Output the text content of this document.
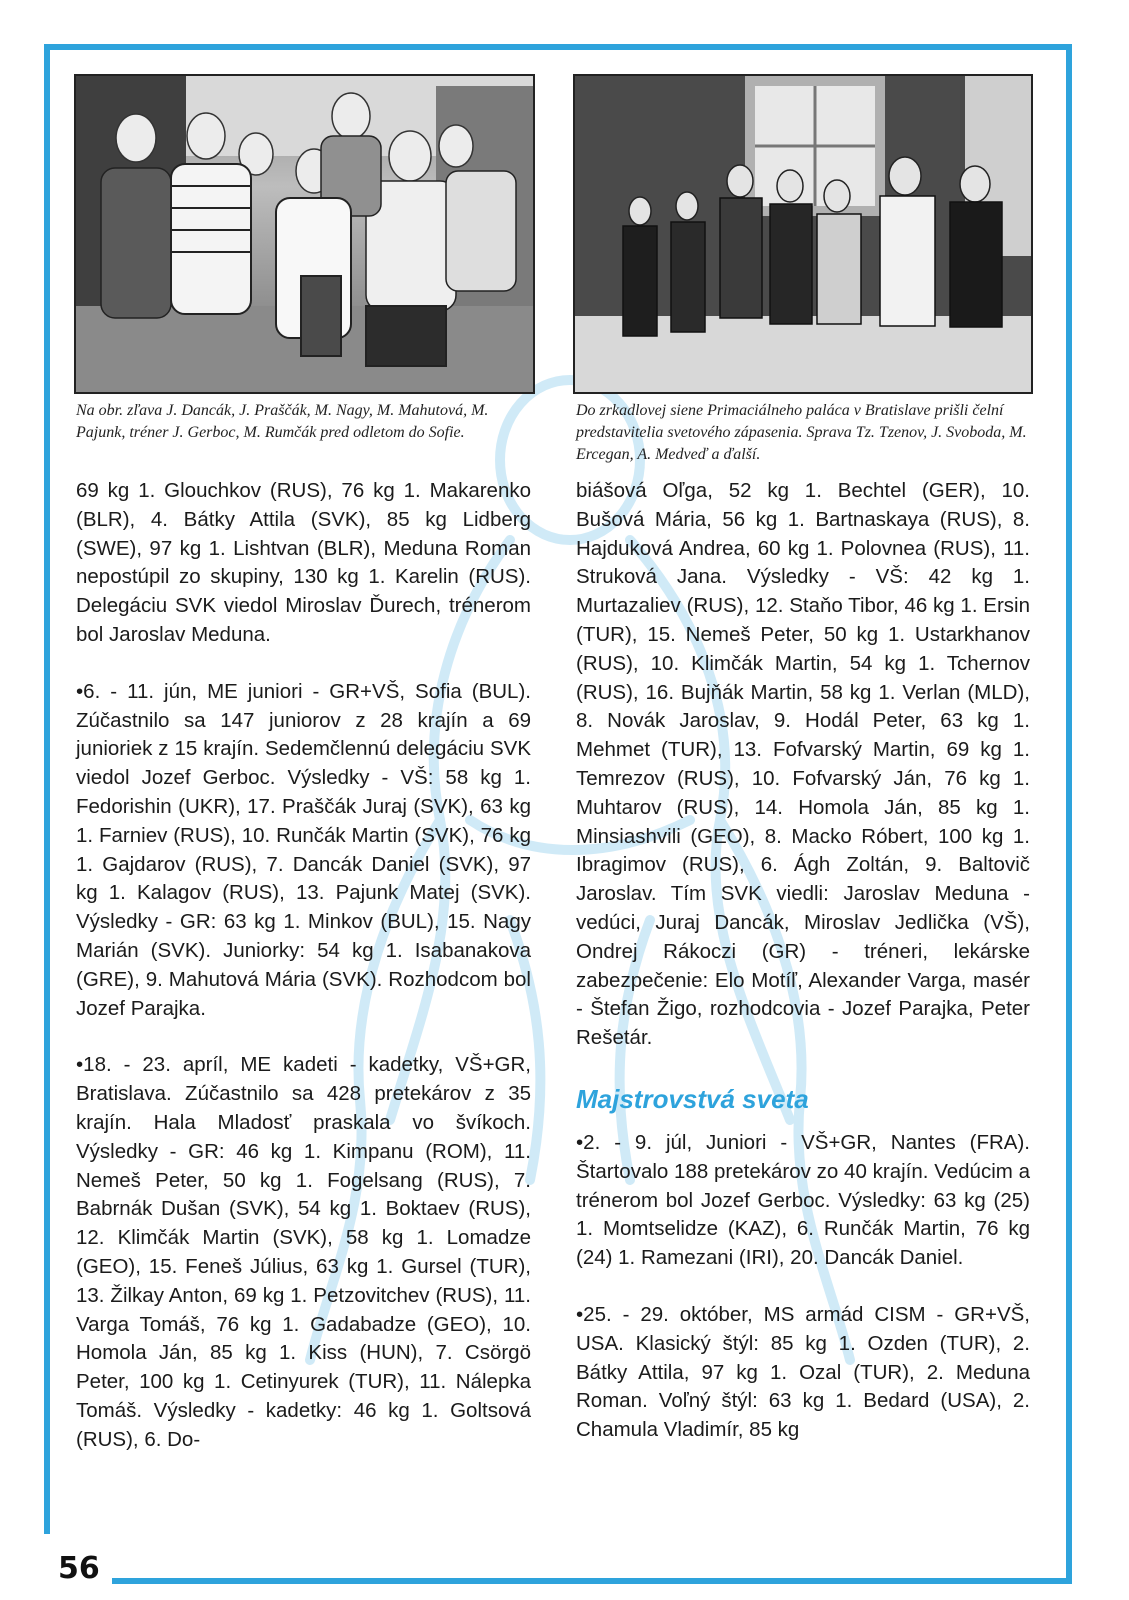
56
Na obr. zľava J. Dancák, J. Praščák, M. Nagy, M. Mahutová, M. Pajunk, tréner J. Gerboc, M. Rumčák pred odletom do Sofie.
Do zrkadlovej siene Primaciálneho paláca v Bratislave prišli čelní predstavitelia svetového zápasenia. Sprava Tz. Tzenov, J. Svoboda, M. Ercegan, A. Medveď a ďalší.

69 kg 1. Glouchkov (RUS), 76 kg 1. Makarenko (BLR), 4. Bátky Attila (SVK), 85 kg Lidberg (SWE), 97 kg 1. Lishtvan (BLR), Meduna Roman nepostúpil zo skupiny, 130 kg 1. Karelin (RUS). Delegáciu SVK viedol Miroslav Ďurech, trénerom bol Jaroslav Meduna.

•6. - 11. jún, ME juniori - GR+VŠ, Sofia (BUL). Zúčastnilo sa 147 juniorov z 28 krajín a 69 junioriek z 15 krajín. Sedemčlennú delegáciu SVK viedol Jozef Gerboc. Výsledky - VŠ: 58 kg 1. Fedorishin (UKR), 17. Praščák Juraj (SVK), 63 kg 1. Farniev (RUS), 10. Runčák Martin (SVK), 76 kg 1. Gajdarov (RUS), 7. Dancák Daniel (SVK), 97 kg 1. Kalagov (RUS), 13. Pajunk Matej (SVK). Výsledky - GR: 63 kg 1. Minkov (BUL), 15. Nagy Marián (SVK). Juniorky: 54 kg 1. Isabanakova (GRE), 9. Mahutová Mária (SVK). Rozhodcom bol Jozef Parajka.

•18. - 23. apríl, ME kadeti - kadetky, VŠ+GR, Bratislava. Zúčastnilo sa 428 pretekárov z 35 krajín. Hala Mladosť praskala vo švíkoch. Výsledky - GR: 46 kg 1. Kimpanu (ROM), 11. Nemeš Peter, 50 kg 1. Fogelsang (RUS), 7. Babrnák Dušan (SVK), 54 kg 1. Boktaev (RUS), 12. Klimčák Martin (SVK), 58 kg 1. Lomadze (GEO), 15. Feneš Július, 63 kg 1. Gursel (TUR), 13. Žilkay Anton, 69 kg 1. Petzovitchev (RUS), 11. Varga Tomáš, 76 kg 1. Gadabadze (GEO), 10. Homola Ján, 85 kg 1. Kiss (HUN), 7. Csörgö Peter, 100 kg 1. Cetinyurek (TUR), 11. Nálepka Tomáš. Výsledky - kadetky: 46 kg 1. Goltsová (RUS), 6. Do-

biášová Oľga, 52 kg 1. Bechtel (GER), 10. Bušová Mária, 56 kg 1. Bartnaskaya (RUS), 8. Hajduková Andrea, 60 kg 1. Polovnea (RUS), 11. Struková Jana. Výsledky - VŠ: 42 kg 1. Murtazaliev (RUS), 12. Staňo Tibor, 46 kg 1. Ersin (TUR), 15. Nemeš Peter, 50 kg 1. Ustarkhanov (RUS), 10. Klimčák Martin, 54 kg 1. Tchernov (RUS), 16. Bujňák Martin, 58 kg 1. Verlan (MLD), 8. Novák Jaroslav, 9. Hodál Peter, 63 kg 1. Mehmet (TUR), 13. Fofvarský Martin, 69 kg 1. Temrezov (RUS), 10. Fofvarský Ján, 76 kg 1. Muhtarov (RUS), 14. Homola Ján, 85 kg 1. Minsiashvili (GEO), 8. Macko Róbert, 100 kg 1. Ibragimov (RUS), 6. Ágh Zoltán, 9. Baltovič Jaroslav. Tím SVK viedli: Jaroslav Meduna - vedúci, Juraj Dancák, Miroslav Jedlička (VŠ), Ondrej Rákoczi (GR) - tréneri, lekárske zabezpečenie: Elo Motíľ, Alexander Varga, masér - Štefan Žigo, rozhodcovia - Jozef Parajka, Peter Rešetár.

Majstrovstvá sveta

•2. - 9. júl, Juniori - VŠ+GR, Nantes (FRA). Štartovalo 188 pretekárov zo 40 krajín. Vedúcim a trénerom bol Jozef Gerboc. Výsledky: 63 kg (25) 1. Momtselidze (KAZ), 6. Runčák Martin, 76 kg (24) 1. Ramezani (IRI), 20. Dancák Daniel.

•25. - 29. október, MS armád CISM - GR+VŠ, USA. Klasický štýl: 85 kg 1. Ozden (TUR), 2. Bátky Attila, 97 kg 1. Ozal (TUR), 2. Meduna Roman. Voľný štýl: 63 kg 1. Bedard (USA), 2. Chamula Vladimír, 85 kg
